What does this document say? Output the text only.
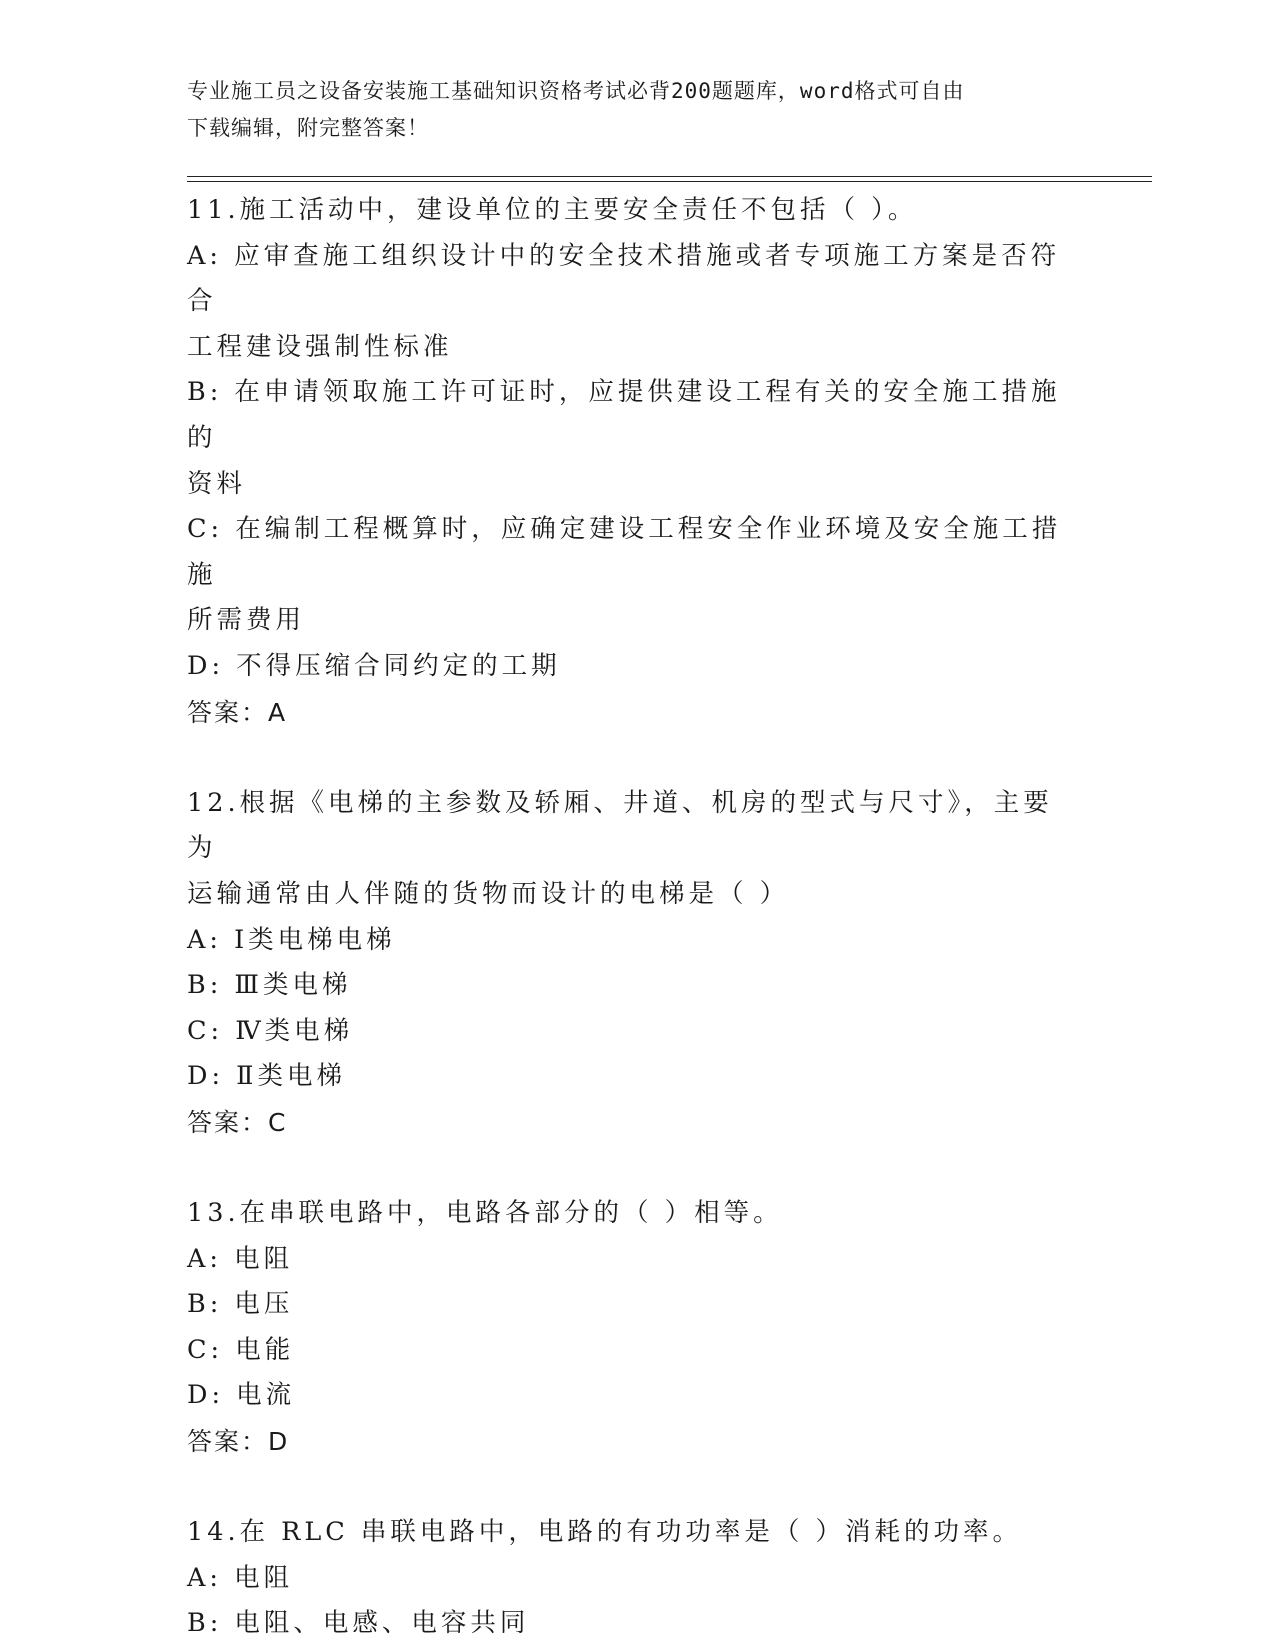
专业施工员之设备安装施工基础知识资格考试必背200题题库，word格式可自由
下载编辑，附完整答案！

11.施工活动中，建设单位的主要安全责任不包括（ ）。

A: 应审查施工组织设计中的安全技术措施或者专项施工方案是否符合

工程建设强制性标准

B: 在申请领取施工许可证时，应提供建设工程有关的安全施工措施的

资料

C: 在编制工程概算时，应确定建设工程安全作业环境及安全施工措施

所需费用

D: 不得压缩合同约定的工期

答案：A

12.根据《电梯的主参数及轿厢、井道、机房的型式与尺寸》，主要为

运输通常由人伴随的货物而设计的电梯是（ ）

A: Ⅰ类电梯电梯

B: Ⅲ类电梯

C: Ⅳ类电梯

D: Ⅱ类电梯

答案：C

13.在串联电路中，电路各部分的（ ）相等。

A: 电阻

B: 电压

C: 电能

D: 电流

答案：D

14.在 RLC 串联电路中，电路的有功功率是（ ）消耗的功率。

A: 电阻

B: 电阻、电感、电容共同
